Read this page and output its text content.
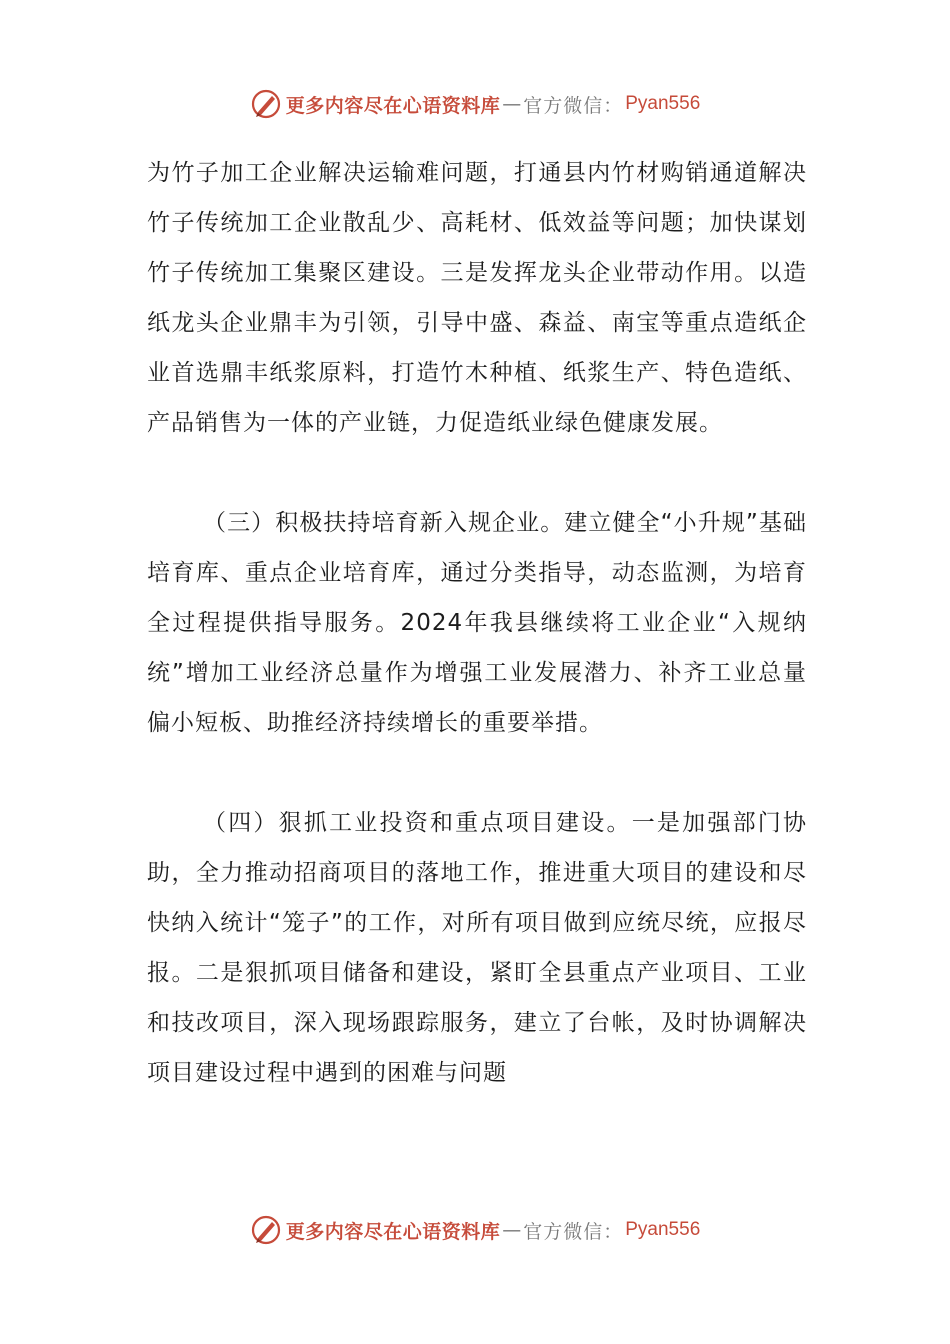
更多内容尽在心语资料库 — 官方微信： Pyan556

为竹子加工企业解决运输难问题，打通县内竹材购销通道解决竹子传统加工企业散乱少、高耗材、低效益等问题；加快谋划竹子传统加工集聚区建设。三是发挥龙头企业带动作用。以造纸龙头企业鼎丰为引领，引导中盛、森益、南宝等重点造纸企业首选鼎丰纸浆原料，打造竹木种植、纸浆生产、特色造纸、产品销售为一体的产业链，力促造纸业绿色健康发展。

（三）积极扶持培育新入规企业。建立健全“小升规”基础培育库、重点企业培育库，通过分类指导，动态监测，为培育全过程提供指导服务。2024年我县继续将工业企业“入规纳统”增加工业经济总量作为增强工业发展潜力、补齐工业总量偏小短板、助推经济持续增长的重要举措。

（四）狠抓工业投资和重点项目建设。一是加强部门协助，全力推动招商项目的落地工作，推进重大项目的建设和尽快纳入统计“笼子”的工作，对所有项目做到应统尽统，应报尽报。二是狠抓项目储备和建设，紧盯全县重点产业项目、工业和技改项目，深入现场跟踪服务，建立了台帐，及时协调解决项目建设过程中遇到的困难与问题

更多内容尽在心语资料库 — 官方微信： Pyan556
